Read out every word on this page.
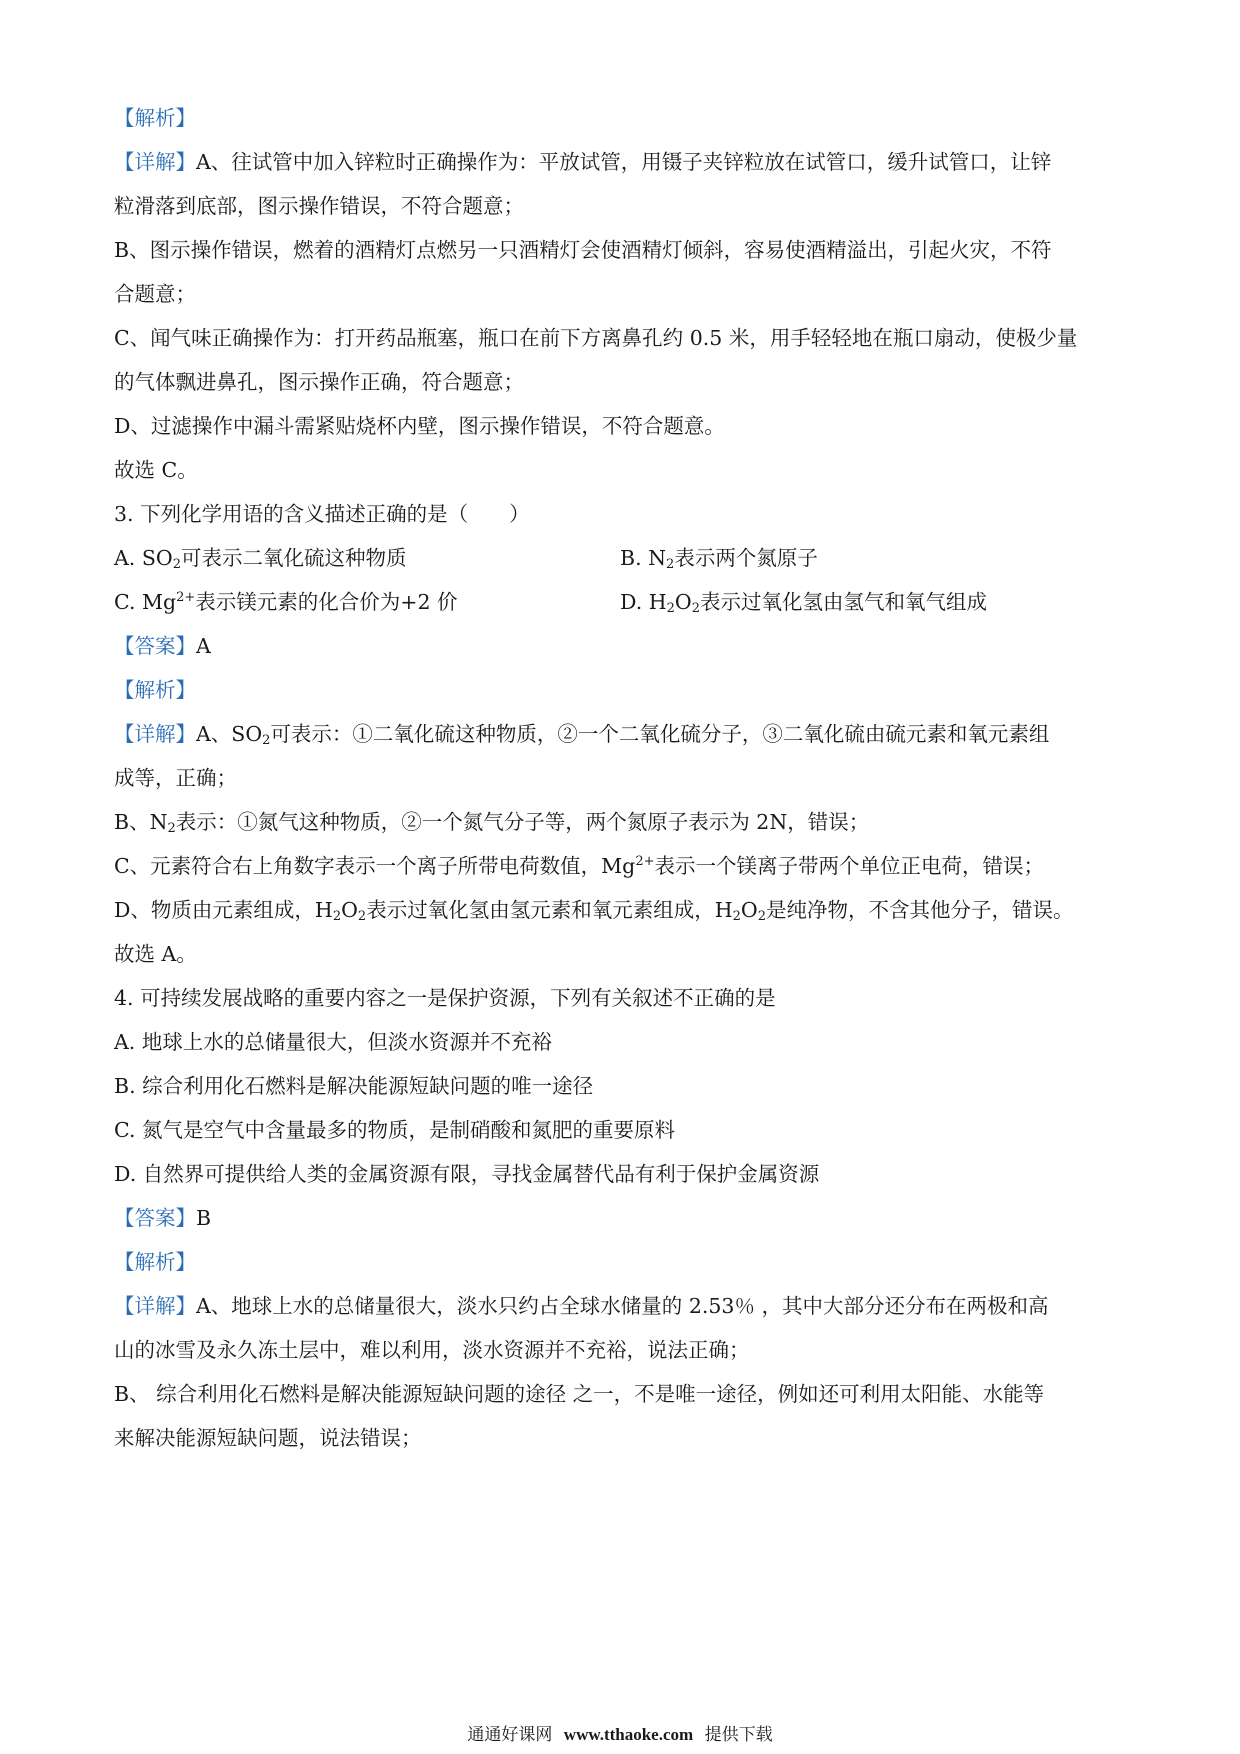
【解析】
【详解】A、往试管中加入锌粒时正确操作为：平放试管，用镊子夹锌粒放在试管口，缓升试管口，让锌
粒滑落到底部，图示操作错误，不符合题意；
B、图示操作错误，燃着的酒精灯点燃另一只酒精灯会使酒精灯倾斜，容易使酒精溢出，引起火灾，不符
合题意；
C、闻气味正确操作为：打开药品瓶塞，瓶口在前下方离鼻孔约 0.5 米，用手轻轻地在瓶口扇动，使极少量
的气体飘进鼻孔，图示操作正确，符合题意；
D、过滤操作中漏斗需紧贴烧杯内壁，图示操作错误，不符合题意。
故选 C。
3. 下列化学用语的含义描述正确的是（　　）
A. $SO_2$可表示二氧化硫这种物质	B. $N_2$表示两个氮原子
C. $Mg^{2+}$表示镁元素的化合价为+2 价	D. $H_2O_2$表示过氧化氢由氢气和氧气组成
【答案】A
【解析】
【详解】A、$SO_2$可表示：①二氧化硫这种物质，②一个二氧化硫分子，③二氧化硫由硫元素和氧元素组
成等，正确；
B、$N_2$表示：①氮气这种物质，②一个氮气分子等，两个氮原子表示为 2N，错误；
C、元素符合右上角数字表示一个离子所带电荷数值，$Mg^{2+}$表示一个镁离子带两个单位正电荷，错误；
D、物质由元素组成，$H_2O_2$表示过氧化氢由氢元素和氧元素组成，$H_2O_2$是纯净物，不含其他分子，错误。
故选 A。
4. 可持续发展战略的重要内容之一是保护资源，下列有关叙述不正确的是
A. 地球上水的总储量很大，但淡水资源并不充裕
B. 综合利用化石燃料是解决能源短缺问题的唯一途径
C. 氮气是空气中含量最多的物质，是制硝酸和氮肥的重要原料
D. 自然界可提供给人类的金属资源有限，寻找金属替代品有利于保护金属资源
【答案】B
【解析】
【详解】A、地球上水的总储量很大，淡水只约占全球水储量的 2.53％ ，其中大部分还分布在两极和高
山的冰雪及永久冻土层中，难以利用，淡水资源并不充裕，说法正确；
B、 综合利用化石燃料是解决能源短缺问题的途径 之一，不是唯一途径，例如还可利用太阳能、水能等
来解决能源短缺问题，说法错误；
通通好课网 www.tthaoke.com 提供下载
